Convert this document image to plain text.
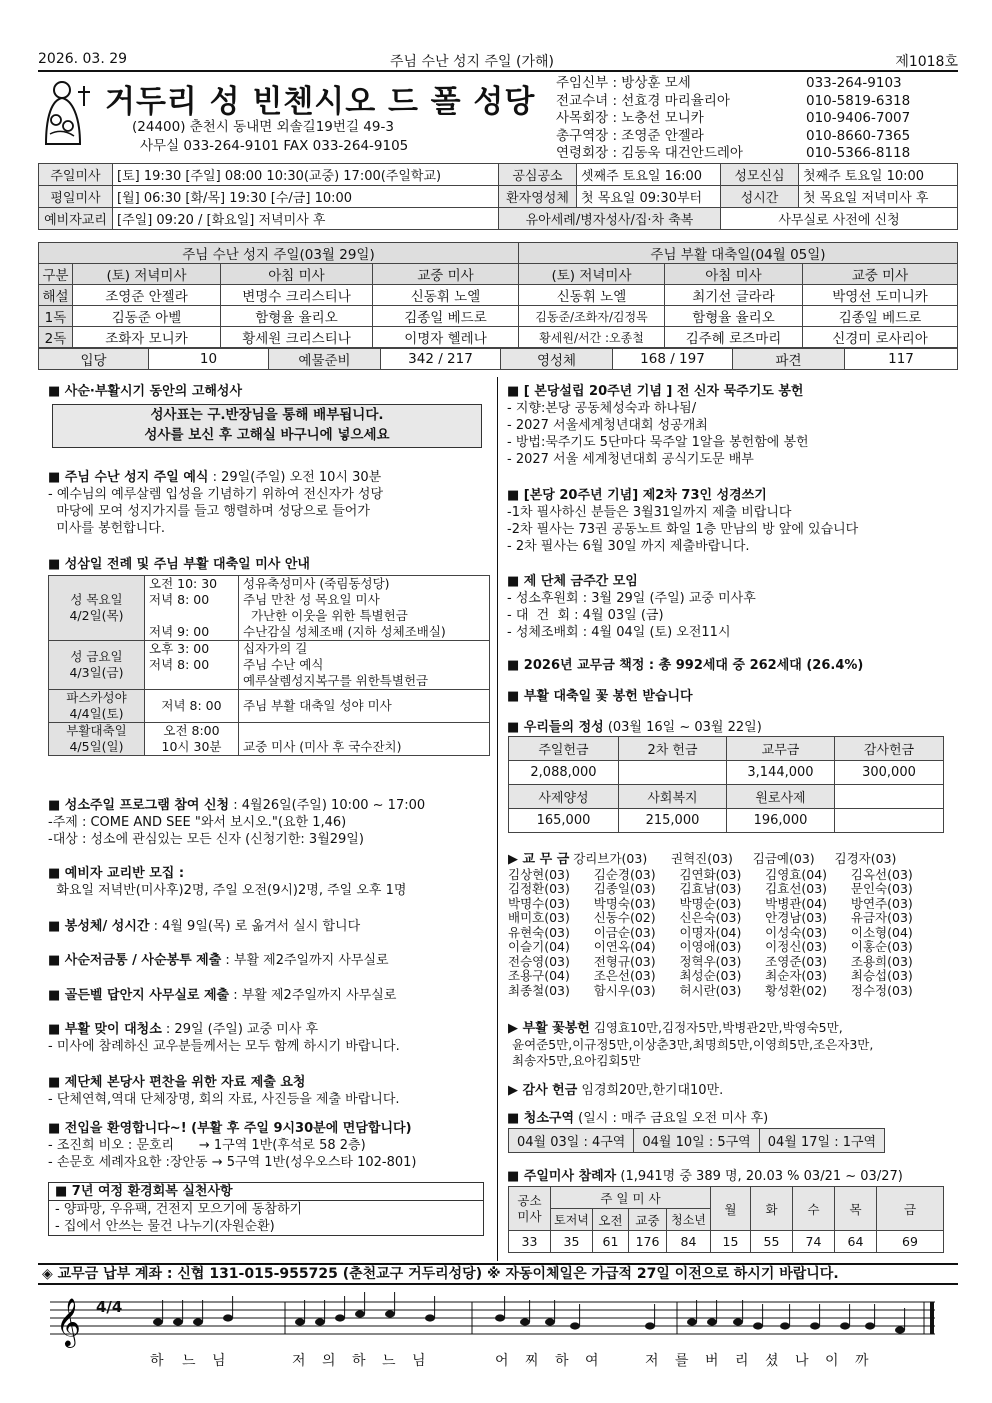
2026. 03. 29	주님 수난 성지 주일 (가해)	제1018호
거두리 성 빈첸시오 드 폴 성당
(24400) 춘천시 동내면 외솔길19번길 49-3
사무실 033-264-9101 FAX 033-264-9105
주임신부 : 방상훈 모세	033-264-9103
전교수녀 : 선효경 마리율리아	010-5819-6318
사목회장 : 노충선 모니카	010-9406-7007
총구역장 : 조영준 안젤라	010-8660-7365
연령회장 : 김동욱 대건안드레아	010-5366-8118
주일미사	[토] 19:30 [주일] 08:00 10:30(교중) 17:00(주일학교)	공심공소	셋째주 토요일 16:00	성모신심	첫째주 토요일 10:00
평일미사	[월] 06:30 [화/목] 19:30 [수/금] 10:00	환자영성체	첫 목요일 09:30부터	성시간	첫 목요일 저녁미사 후
예비자교리	[주일] 09:20 / [화요일] 저녁미사 후	유아세례/병자성사/집·차 축복		사무실로 사전에 신청	
주님 수난 성지 주일(03월 29일)				주님 부활 대축일(04월 05일)		
구분	(토) 저녁미사	아침 미사	교중 미사	(토) 저녁미사	아침 미사	교중 미사
해설	조영준 안젤라	변명수 크리스티나	신동휘 노엘	신동휘 노엘	최기선 글라라	박영선 도미니카
1독	김동준 아벨	함형율 율리오	김종일 베드로	김동준/조화자/김정목	함형율 율리오	김종일 베드로
2독	조화자 모니카	황세원 크리스티나	이명자 헬레나	황세원/서간 :오종철	김주혜 로즈마리	신경미 로사리아
입당	10	예물준비	342 / 217	영성체	168 / 197	파견	117
■ 사순·부활시기 동안의 고해성사
성사표는 구.반장님을 통해 배부됩니다.
성사를 보신 후 고해실 바구니에 넣으세요
■ 주님 수난 성지 주일 예식 : 29일(주일) 오전 10시 30분
- 예수님의 예루살렘 입성을 기념하기 위하여 전신자가 성당
마당에 모여 성지가지를 들고 행렬하며 성당으로 들어가
미사를 봉헌합니다.
■ 성삼일 전례 및 주님 부활 대축일 미사 안내
성 목요일
4/2일(목)	오전 10: 30	성유축성미사 (죽림동성당)
	저녁 8: 00	주님 만찬 성 목요일 미사
		가난한 이웃을 위한 특별헌금
	저녁 9: 00	수난감실 성체조배 (지하 성체조배실)
성 금요일
4/3일(금)	오후 3: 00	십자가의 길
	저녁 8: 00	주님 수난 예식
		예루살렘성지복구를 위한특별헌금
파스카성야
4/4일(토)	저녁 8: 00	주님 부활 대축일 성야 미사
부활대축일
4/5일(일)	오전 8:00	
	10시 30분	교중 미사 (미사 후 국수잔치)
■ 성소주일 프로그램 참여 신청 : 4월26일(주일) 10:00 ~ 17:00
-주제 : COME AND SEE "와서 보시오."(요한 1,46)
-대상 : 성소에 관심있는 모든 신자 (신청기한: 3월29일)
■ 예비자 교리반 모집 :
화요일 저녁반(미사후)2명, 주일 오전(9시)2명, 주일 오후 1명
■ 봉성체/ 성시간 : 4월 9일(목) 로 옮겨서 실시 합니다
■ 사순저금통 / 사순봉투 제출 : 부활 제2주일까지 사무실로
■ 골든벨 답안지 사무실로 제출 : 부활 제2주일까지 사무실로
■ 부활 맞이 대청소 : 29일 (주일) 교중 미사 후
- 미사에 참례하신 교우분들께서는 모두 함께 하시기 바랍니다.
■ 제단체 본당사 편찬을 위한 자료 제출 요청
- 단체연혁,역대 단체장명, 회의 자료, 사진등을 제출 바랍니다.
■ 전입을 환영합니다~! (부활 후 주일 9시30분에 면담합니다)
- 조진희 비오 : 문호리      → 1구역 1반(후석로 58 2층)
- 손문호 세례자요한 :장안동 → 5구역 1반(성우오스타 102-801)
■ 7년 여정 환경회복 실천사항
- 양파망, 우유팩, 건전지 모으기에 동참하기
- 집에서 안쓰는 물건 나누기(자원순환)
■ [ 본당설립 20주년 기념 ] 전 신자 묵주기도 봉헌
- 지향:본당 공동체성숙과 하나됨/
- 2027 서울세계청년대회 성공개최
- 방법:묵주기도 5단마다 묵주알 1알을 봉헌함에 봉헌
- 2027 서울 세계청년대회 공식기도문 배부
■ [본당 20주년 기념] 제2차 73인 성경쓰기
-1차 필사하신 분들은 3월31일까지 제출 비랍니다
-2차 필사는 73권 공동노트 화일 1층 만남의 방 앞에 있습니다
- 2차 필사는 6월 30일 까지 제출바랍니다.
■ 제 단체 금주간 모임
- 성소후원회 : 3월 29일 (주일) 교중 미사후
- 대  건  회 : 4월 03일 (금)
- 성체조배회 : 4월 04일 (토) 오전11시
■ 2026년 교무금 책정 : 총 992세대 중 262세대 (26.4%)
■ 부활 대축일 꽃 봉헌 받습니다
■ 우리들의 정성 (03월 16일 ~ 03월 22일)
주일헌금	2차 헌금	교무금	감사헌금
2,088,000		3,144,000	300,000
사제양성	사회복지	원로사제	
165,000	215,000	196,000	
▶ 교 무 금 강리브가(03)      권혁진(03)     김금예(03)     김경자(03)
김상현(03)      김순경(03)      김연화(03)      김영효(04)      김옥선(03)
김정환(03)      김종일(03)      김효남(03)      김효선(03)      문인숙(03)
박명수(03)      박명숙(03)      박명순(03)      박병관(04)      방연주(03)
배미호(03)      신동수(02)      신은숙(03)      안경남(03)      유금자(03)
유현숙(03)      이금순(03)      이명자(04)      이성숙(03)      이소형(04)
이슬기(04)      이연옥(04)      이영애(03)      이정신(03)      이홍순(03)
전승영(03)      전형규(03)      정혁우(03)      조영준(03)      조용희(03)
조용구(04)      조은선(03)      최성순(03)      최순자(03)      최승섭(03)
최종철(03)      함시우(03)      허시란(03)      황성환(02)      정수정(03)
▶ 부활 꽃봉헌 김영효10만,김정자5만,박병관2만,박영숙5만,
윤여준5만,이규정5만,이상춘3만,최명희5만,이영희5만,조은자3만,
최송자5만,요아킴회5만
▶ 감사 헌금 임경희20만,한기대10만.
■ 청소구역 (일시 : 매주 금요일 오전 미사 후)
04월 03일 : 4구역	04월 10일 : 5구역	04월 17일 : 1구역
■ 주일미사 참례자 (1,941명 중 389 명, 20.03 % 03/21 ~ 03/27)
공소
미사	주 일 미 사				월	화	수	목	금
	토저녁	오전	교중	청소년					
33	35	61	176	84	15	55	74	64	69
◈ 교무금 납부 계좌 : 신협 131-015-955725 (춘천교구 거두리성당) ※ 자동이체일은 가급적 27일 이전으로 하시기 바랍니다.
𝄞 4/4
하 느 님	저 의 하 느 님	어 찌 하 여	저 를 버 리 셨 나 이 까
